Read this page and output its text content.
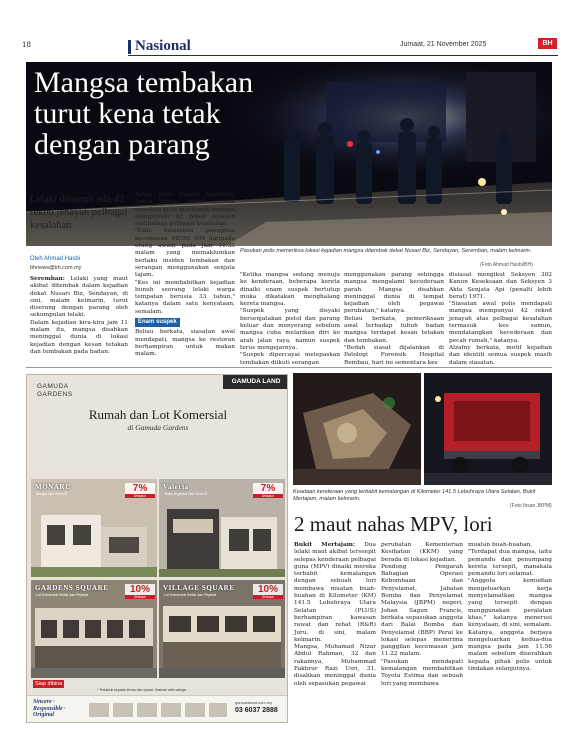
18	Nasional	Jumaat, 21 November 2025	BH
Mangsa tembakan
turut kena tetak
dengan parang
Pasukan polis memeriksa lokasi kejadian mangsa ditembak dekat Nusari Biz, Sendayan, Seremban, malam kelmarin.
(Foto Ahmad Hasbi/BH)
Lelaki dibunuh ada 42 rekod jenayah pelbagai kesalahan
Oleh Ahmad Hasbi
bhnews@bh.com.my

Seremban: Lelaki yang maut akibat ditembak dalam kejadian dekat Nusari Biz, Sendayan, di sini, malam kelmarin, turut diserang dengan parang oleh sekumpulan lelaki.

Dalam kejadian kira-kira jam 11 malam itu, mangsa disahkan meninggal dunia di lokasi kejadian dengan kesan tetakan dan tembakan pada badan.

Ketua Polis Negeri Sembilan, Datuk Alzafny Ahmad, berkata semakan polis mendapati mangsa mempunyai 42 rekod jenayah melibatkan pelbagai kesalahan.

"Polis menerima panggilan kecemasan MERS 999 daripada orang awam pada jam 11.33 malam yang memaklumkan berlaku insiden tembakan dan serangan menggunakan senjata tajam.

"Kes ini membabitkan kejadian bunuh seorang lelaki warga tempatan berusia 33 tahun," katanya dalam satu kenyataan, semalam.

Enam suspek

Beliau berkata, siasatan awal mendapati, mangsa ke restoran berhampiran untuk makan malam.

"Ketika mangsa sedang menuju ke kenderaan, beberapa kereta dinaiki enam suspek bertutup muka dikatakan menghalang kereta mangsa.

"Suspek yang disyaki bersenjatakan pistol dan parang keluar dan menyerang sebelum mangsa cuba melarikan diri ke arah jalan raya, namun suspek terus mengejarnya.

"Suspek dipercayai melepaskan tembakan diikuti serangan

menggunakan parang sehingga mangsa mengalami kecederaan parah. Mangsa disahkan meninggal dunia di tempat kejadian oleh pegawai perubatan," katanya.

Beliau berkata, pemeriksaan awal terhadap tubuh badan mangsa terdapat kesan tetakan dan tembakan.

"Bedah siasat dijalankan di Patologi Forensik Hospital Rembau, hari ini sementara kes

disiasat mengikut Seksyen 302 Kanun Keseksaan dan Seksyen 3 Akta Senjata Api (penalti lebih berat) 1971.

"Siasatan awal polis mendapati mangsa mempunyai 42 rekod jenayah atas pelbagai kesalahan termasuk kes samun, mendatangkan kecederaan dan pecah rumah," katanya.

Alzafny berkata, motif kejadian dan identiti semua suspek masih dalam siasatan.

GAMUDA GARDENS
GAMUDA LAND
Rumah dan Lot Komersial
di Gamuda Gardens
MONARC
Banglo dan Semi-D	7%
Diskaun
Valeria
Teres Superior dan Semi-D	7%
Diskaun
GARDENS SQUARE
Lot Komersial Kedai dan Pejabat	10%
Diskaun
VILLAGE SQUARE
Lot Komersial Kedai dan Pejabat	10%
Diskaun
Siap dibina
* Tertakluk kepada terma dan syarat. Ilustrasi artis sahaja.
Sincere · Responsible · Original
gamudaland.com.my
03 6037 2888
Keadaan kenderaan yang terbabit kemalangan di Kilometer 141.5 Lebuhraya Utara Selatan, Bukit Mertajam, malam kelmarin.
(Foto Ihsan JBPM)
2 maut nahas MPV, lori

Bukit Mertajam: Dua lelaki maut akibat terseepit selepas kenderaan pelbagai guna (MPV) dinaiki mereka terbabit kemalangan dengan sebuah lori membawa muatan buah-buahan di Kilometer (KM) 141.5 Lebuhraya Utara Selatan (PLUS) berhampiran kawasan rawat dan rehat (R&R) Juru, di sini, malam kelmarin.

Mangsa, Mohamad Nizar Abdul Rahman, 32 dan rakannya, Muhammad Fakhrur Razi Usri, 31, disahkan meninggal dunia oleh sepasukan pegawai

perubatan Kementerian Kesihatan (KKM) yang berada di lokasi kejadian.

Pendong Pengarah Bahagian Operasi Kebombaan dan Penyelamat, Jabatan Bomba dan Penyelamat Malaysia (JBPM) negeri, Johan Sagun Francis, berkata sepasukan anggota dari Balai Bomba dan Penyelamat (BBP) Perai ke lokasi selepas menerima panggilan kecemasan jam 11.22 malam.

"Pasukan mendapati kemalangan membabitkan Toyota Estima dan sebuah lori yang membawa

muatan buah-buahan.

"Terdapat dua mangsa, iaitu pemandu dan penumpang kereta tersepit, manakala pemandu lori selamat.

"Anggota kemudian mengeluarkan kerja menyelamatkan mangsa yang tersepit dengan menggunakan peralatan khas," katanya menerusi kenyataan, di sini, semalam.

Katanya, anggota berjaya mengeluarkan kedua-dua mangsa pada jam 11.56 malam sebelum diserahkan kepada pihak polis untuk tindakan selanjutnya.
